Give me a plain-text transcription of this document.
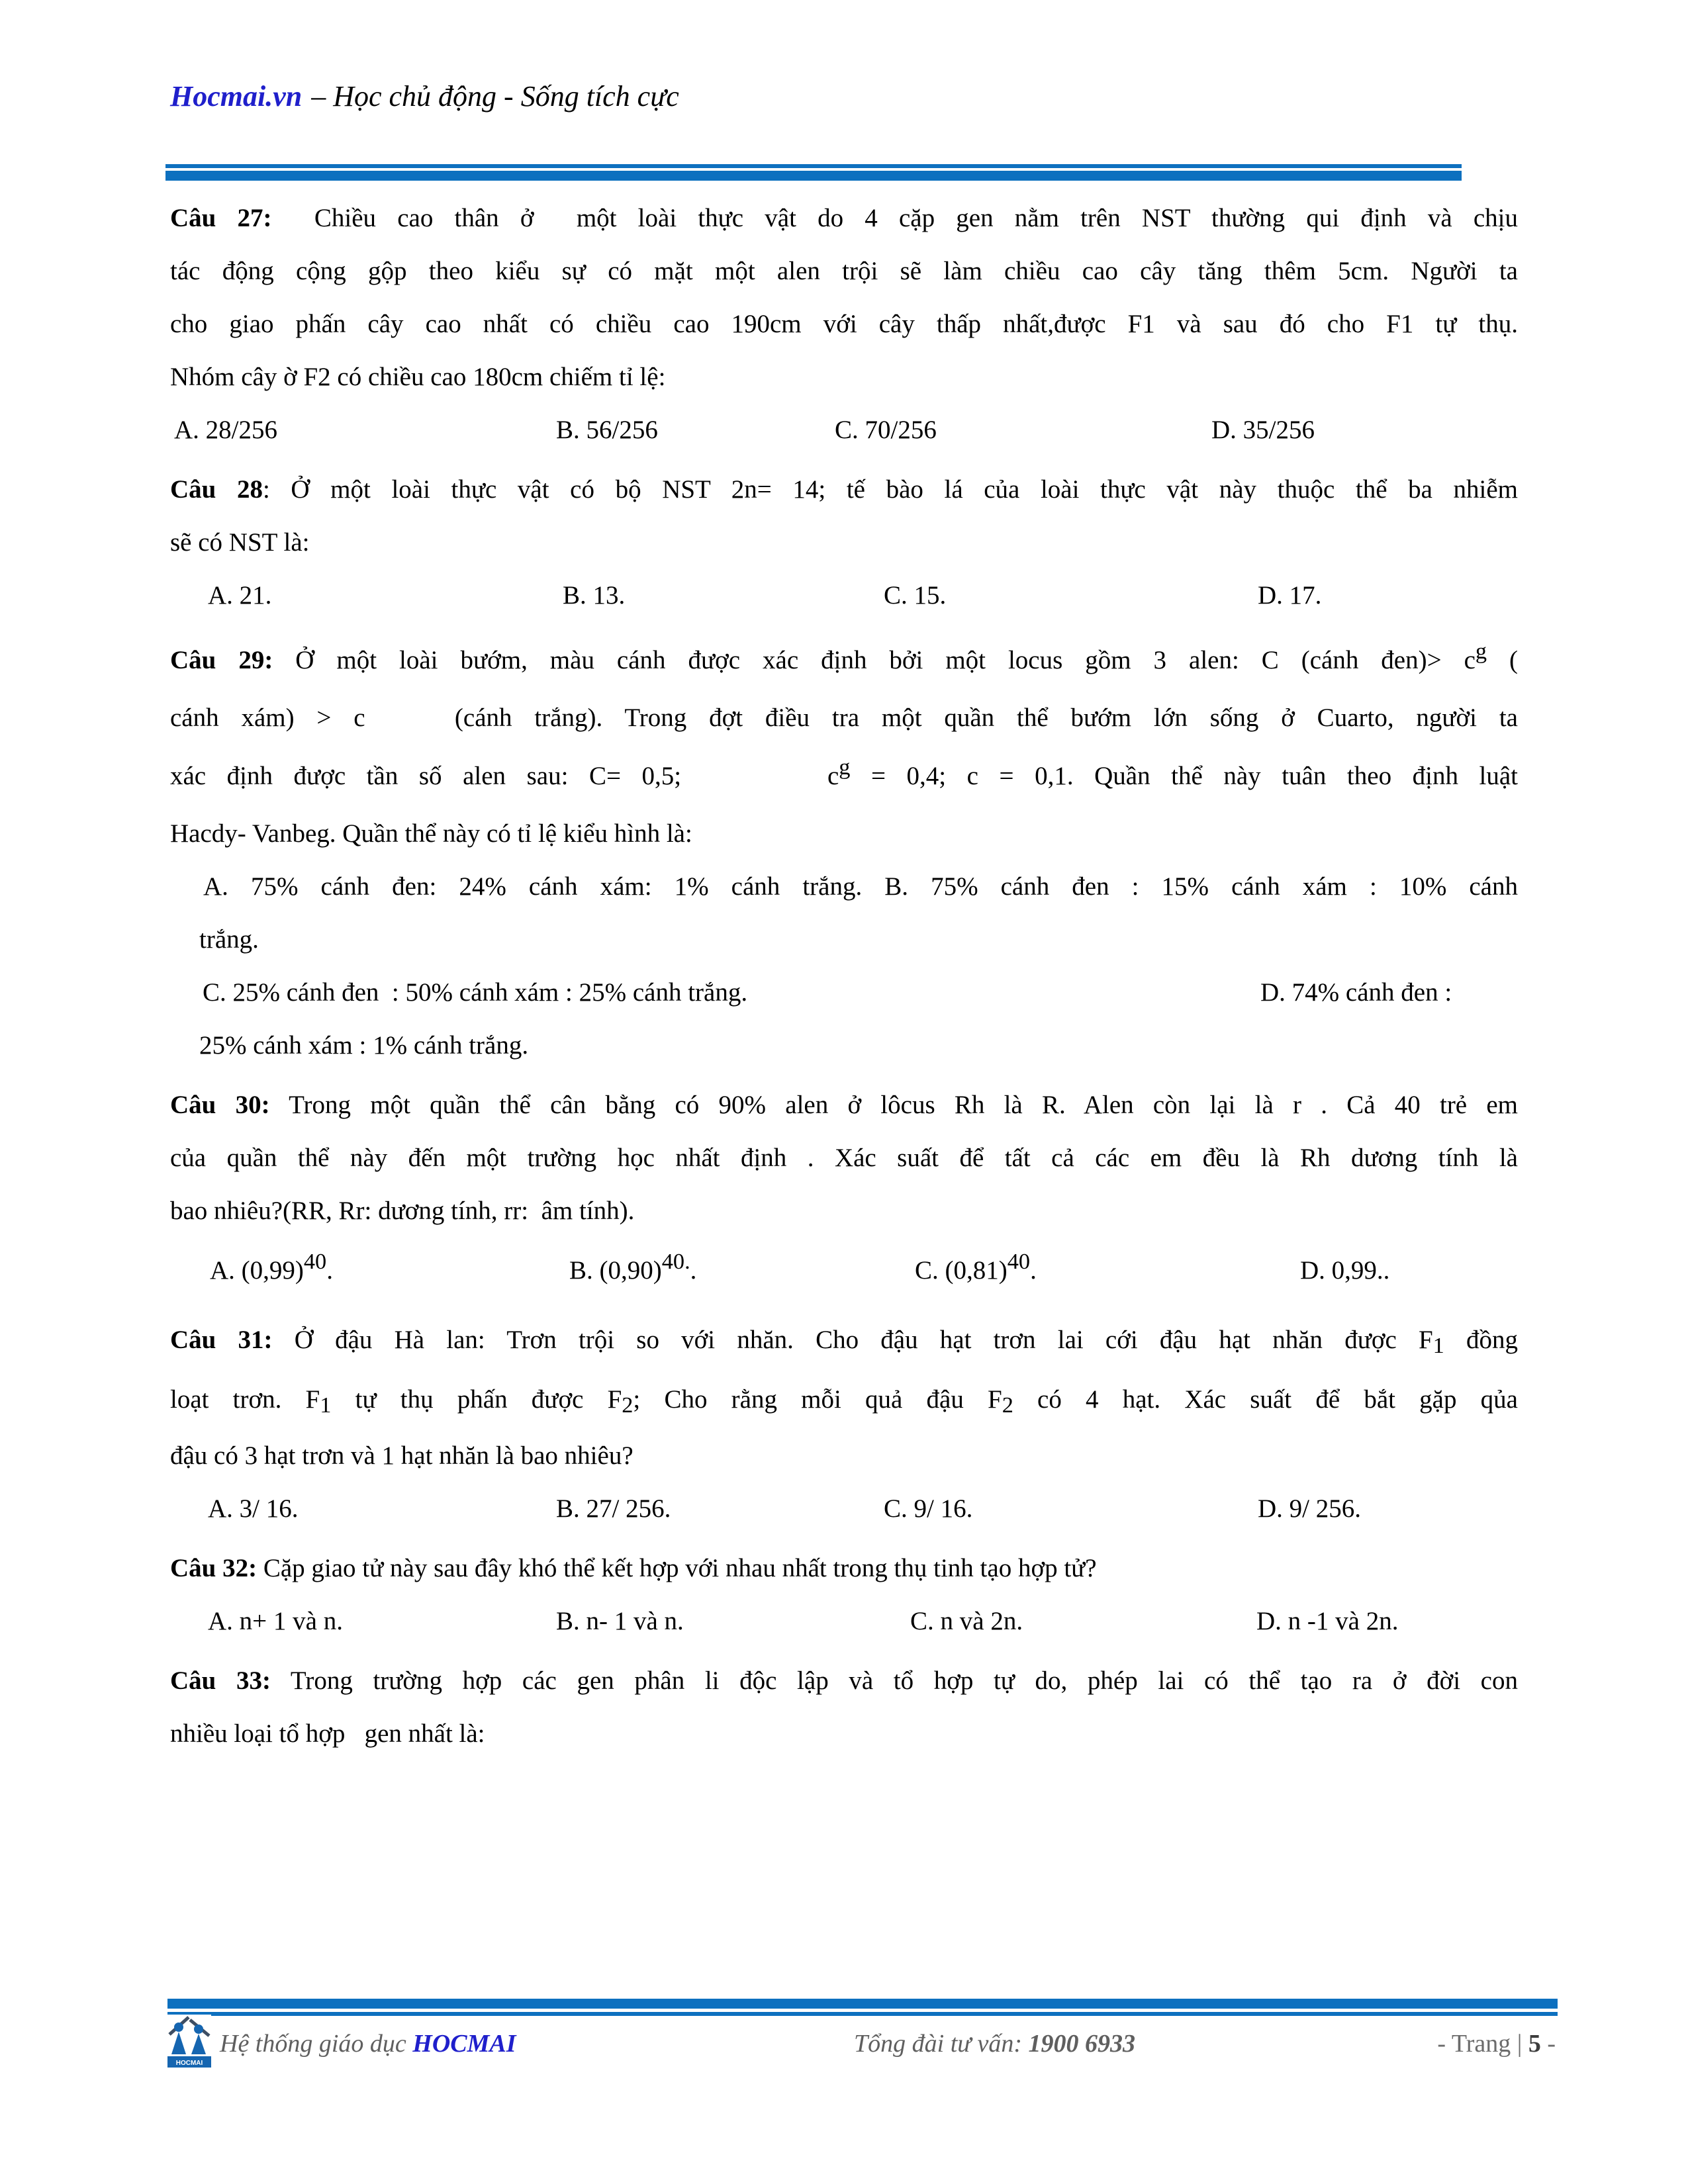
Hocmai.vn – Học chủ động - Sống tích cực
Câu 27:  Chiều cao thân ở  một loài thực vật do 4 cặp gen nằm trên NST thường qui định và chịu
tác động cộng gộp theo kiểu sự có mặt một alen trội sẽ làm chiều cao cây tăng thêm 5cm. Người ta
cho giao phấn cây cao nhất có chiều cao 190cm với cây thấp nhất,được F1 và sau đó cho F1 tự thụ.
Nhóm cây ờ F2 có chiều cao 180cm chiếm tỉ lệ:
A. 28/256	B. 56/256	C. 70/256	D. 35/256
Câu 28: Ở một loài thực vật có bộ NST 2n= 14; tế bào lá của loài thực vật này thuộc thể ba nhiễm
sẽ có NST là:
A. 21.	B. 13.	C. 15.	D. 17.
Câu 29: Ở một loài bướm, màu cánh được xác định bởi một locus gồm 3 alen: C (cánh đen)> cg (
cánh xám) > c    (cánh trắng). Trong đợt điều tra một quần thể bướm lớn sống ở Cuarto, người ta
xác định được tần số alen sau: C= 0,5;       cg = 0,4; c = 0,1. Quần thể này tuân theo định luật
Hacdy- Vanbeg. Quần thể này có tỉ lệ kiểu hình là:
A. 75% cánh đen: 24% cánh xám: 1% cánh trắng. B. 75% cánh đen : 15% cánh xám : 10% cánh
trắng.
C. 25% cánh đen  : 50% cánh xám : 25% cánh trắng.	D. 74% cánh đen :
25% cánh xám : 1% cánh trắng.
Câu 30: Trong một quần thể cân bằng có 90% alen ở lôcus Rh là R. Alen còn lại là r . Cả 40 trẻ em
của quần thể này đến một trường học nhất định . Xác suất để tất cả các em đều là Rh dương tính là
bao nhiêu?(RR, Rr: dương tính, rr:  âm tính).
A. (0,99)40.	B. (0,90)40..	C. (0,81)40.	D. 0,99..
Câu 31: Ở đậu Hà lan: Trơn trội so với nhăn. Cho đậu hạt trơn lai cới đậu hạt nhăn được F1 đồng
loạt trơn. F1 tự thụ phấn được F2; Cho rằng mỗi quả đậu F2 có 4 hạt. Xác suất để bắt gặp qủa
đậu có 3 hạt trơn và 1 hạt nhăn là bao nhiêu?
A. 3/ 16.	B. 27/ 256.	C. 9/ 16.	D. 9/ 256.
Câu 32: Cặp giao tử này sau đây khó thể kết hợp với nhau nhất trong thụ tinh tạo hợp tử?
A. n+ 1 và n.	B. n- 1 và n.	C. n và 2n.	D. n -1 và 2n.
Câu 33: Trong trường hợp các gen phân li độc lập và tổ hợp tự do, phép lai có thể tạo ra ở đời con
nhiều loại tổ hợp   gen nhất là:
HOCMAI
Hệ thống giáo dục HOCMAI	Tổng đài tư vấn: 1900 6933	- Trang | 5 -
